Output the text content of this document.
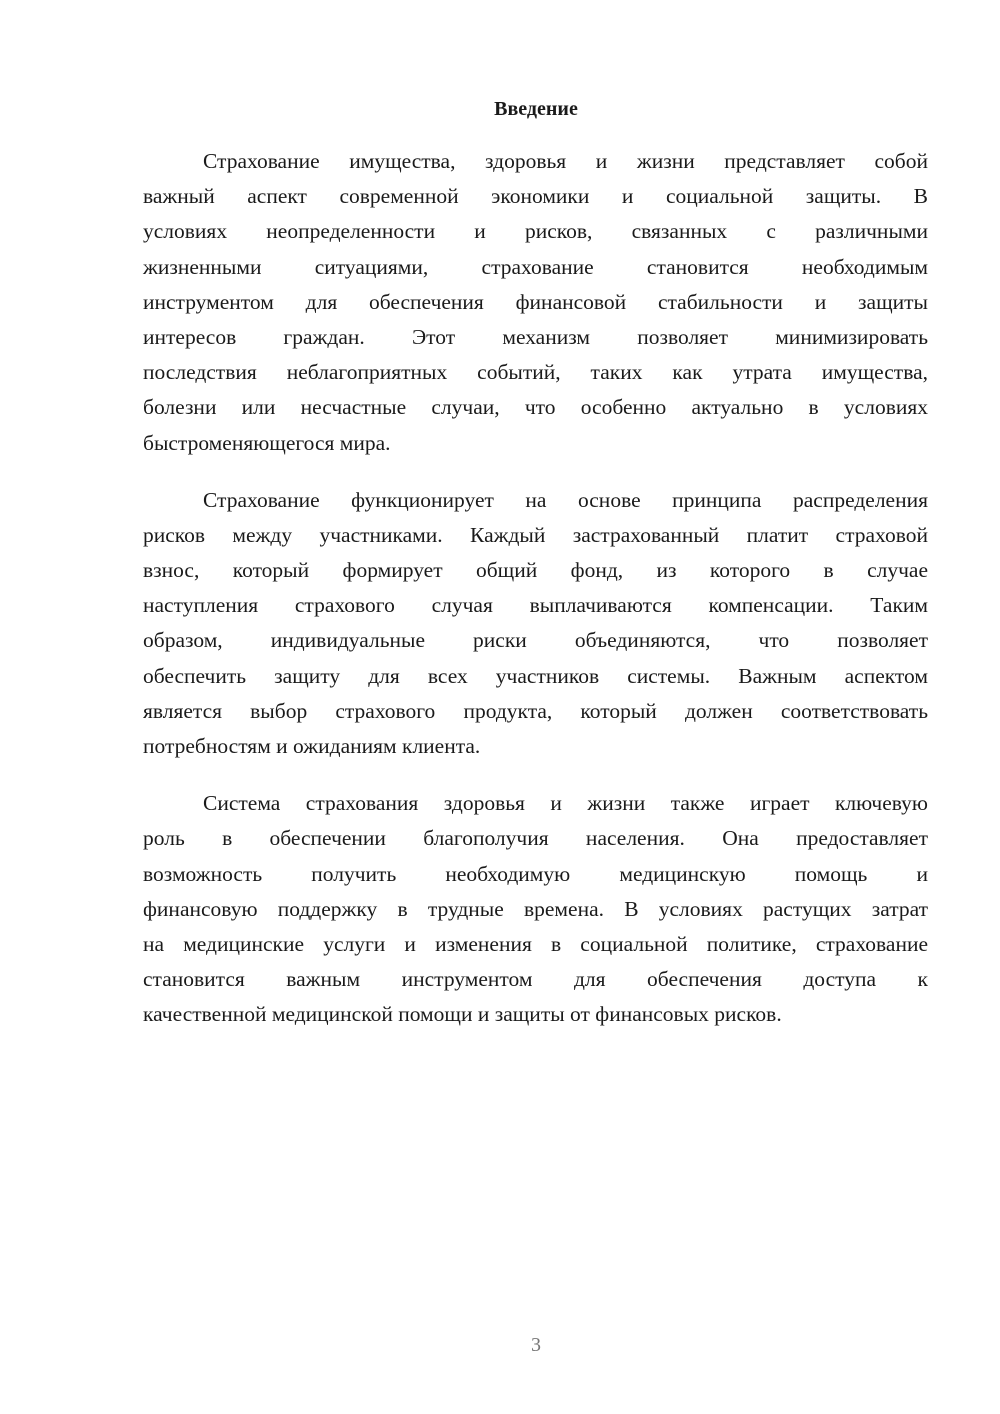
Введение
Страхование имущества, здоровья и жизни представляет собой
важный аспект современной экономики и социальной защиты. В
условиях неопределенности и рисков, связанных с различными
жизненными ситуациями, страхование становится необходимым
инструментом для обеспечения финансовой стабильности и защиты
интересов граждан. Этот механизм позволяет минимизировать
последствия неблагоприятных событий, таких как утрата имущества,
болезни или несчастные случаи, что особенно актуально в условиях
быстроменяющегося мира.
Страхование функционирует на основе принципа распределения
рисков между участниками. Каждый застрахованный платит страховой
взнос, который формирует общий фонд, из которого в случае
наступления страхового случая выплачиваются компенсации. Таким
образом, индивидуальные риски объединяются, что позволяет
обеспечить защиту для всех участников системы. Важным аспектом
является выбор страхового продукта, который должен соответствовать
потребностям и ожиданиям клиента.
Система страхования здоровья и жизни также играет ключевую
роль в обеспечении благополучия населения. Она предоставляет
возможность получить необходимую медицинскую помощь и
финансовую поддержку в трудные времена. В условиях растущих затрат
на медицинские услуги и изменения в социальной политике, страхование
становится важным инструментом для обеспечения доступа к
качественной медицинской помощи и защиты от финансовых рисков.
3
